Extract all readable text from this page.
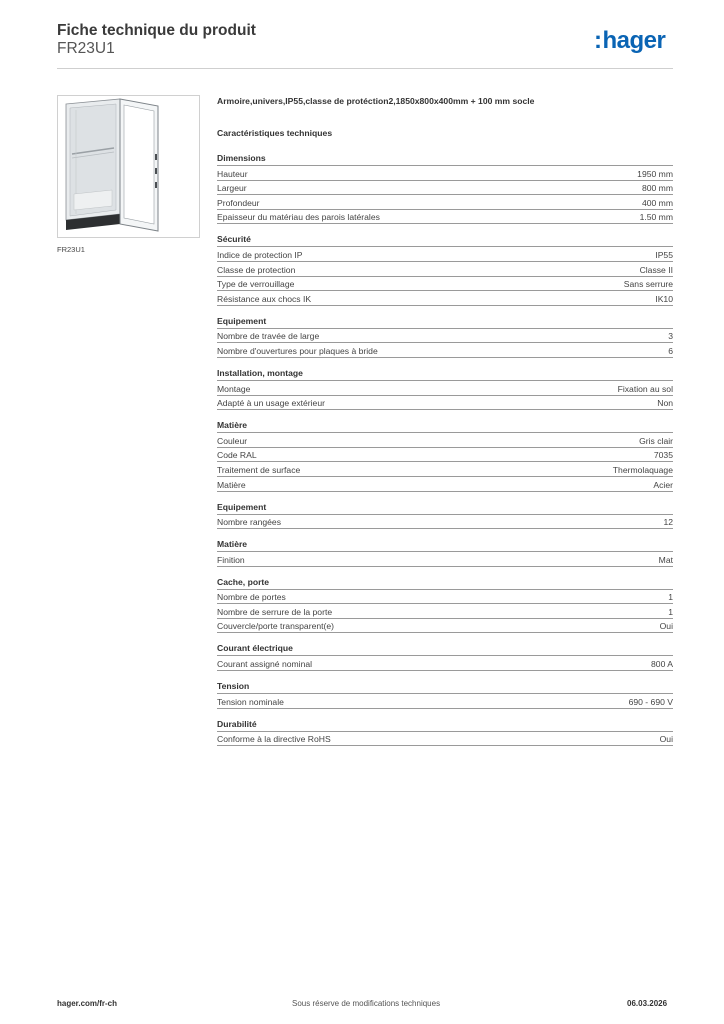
Fiche technique du produit
FR23U1	:hager
FR23U1
Armoire,univers,IP55,classe de protéction2,1850x800x400mm + 100 mm socle
Caractéristiques techniques
Dimensions
Hauteur	1950 mm
Largeur	800 mm
Profondeur	400 mm
Epaisseur du matériau des parois latérales	1.50 mm
Sécurité
Indice de protection IP	IP55
Classe de protection	Classe II
Type de verrouillage	Sans serrure
Résistance aux chocs IK	IK10
Equipement
Nombre de travée de large	3
Nombre d'ouvertures pour plaques à bride	6
Installation, montage
Montage	Fixation au sol
Adapté à un usage extérieur	Non
Matière
Couleur	Gris clair
Code RAL	7035
Traitement de surface	Thermolaquage
Matière	Acier
Equipement
Nombre rangées	12
Matière
Finition	Mat
Cache, porte
Nombre de portes	1
Nombre de serrure de la porte	1
Couvercle/porte transparent(e)	Oui
Courant électrique
Courant assigné nominal	800 A
Tension
Tension nominale	690 - 690 V
Durabilité
Conforme à la directive RoHS	Oui
hager.com/fr-ch	Sous réserve de modifications techniques	06.03.2026
